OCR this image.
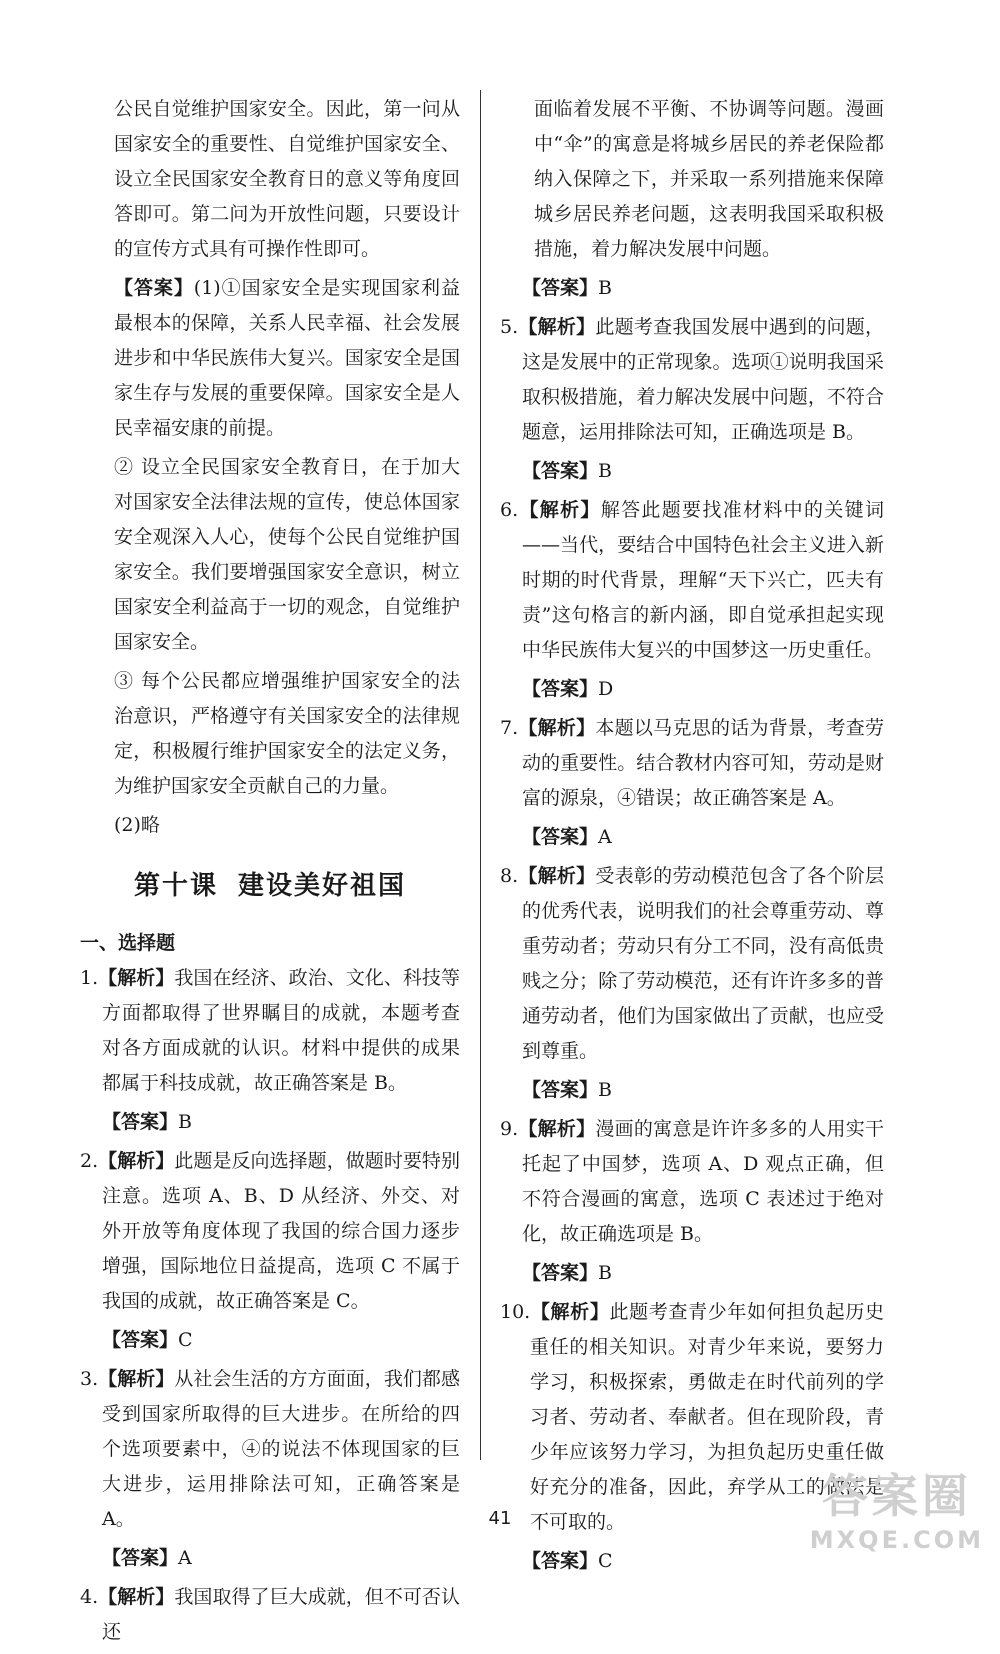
公民自觉维护国家安全。因此，第一问从国家安全的重要性、自觉维护国家安全、设立全民国家安全教育日的意义等角度回答即可。第二问为开放性问题，只要设计的宣传方式具有可操作性即可。

【答案】(1)①国家安全是实现国家利益最根本的保障，关系人民幸福、社会发展进步和中华民族伟大复兴。国家安全是国家生存与发展的重要保障。国家安全是人民幸福安康的前提。

② 设立全民国家安全教育日，在于加大对国家安全法律法规的宣传，使总体国家安全观深入人心，使每个公民自觉维护国家安全。我们要增强国家安全意识，树立国家安全利益高于一切的观念，自觉维护国家安全。

③ 每个公民都应增强维护国家安全的法治意识，严格遵守有关国家安全的法律规定，积极履行维护国家安全的法定义务，为维护国家安全贡献自己的力量。

(2)略

第十课 建设美好祖国
一、选择题

1.【解析】我国在经济、政治、文化、科技等方面都取得了世界瞩目的成就，本题考查对各方面成就的认识。材料中提供的成果都属于科技成就，故正确答案是 B。

【答案】B

2.【解析】此题是反向选择题，做题时要特别注意。选项 A、B、D 从经济、外交、对外开放等角度体现了我国的综合国力逐步增强，国际地位日益提高，选项 C 不属于我国的成就，故正确答案是 C。

【答案】C

3.【解析】从社会生活的方方面面，我们都感受到国家所取得的巨大进步。在所给的四个选项要素中，④的说法不体现国家的巨大进步，运用排除法可知，正确答案是 A。

【答案】A

4.【解析】我国取得了巨大成就，但不可否认还

面临着发展不平衡、不协调等问题。漫画中“伞”的寓意是将城乡居民的养老保险都纳入保障之下，并采取一系列措施来保障城乡居民养老问题，这表明我国采取积极措施，着力解决发展中问题。

【答案】B

5.【解析】此题考查我国发展中遇到的问题，这是发展中的正常现象。选项①说明我国采取积极措施，着力解决发展中问题，不符合题意，运用排除法可知，正确选项是 B。

【答案】B

6.【解析】解答此题要找准材料中的关键词——当代，要结合中国特色社会主义进入新时期的时代背景，理解“天下兴亡，匹夫有责”这句格言的新内涵，即自觉承担起实现中华民族伟大复兴的中国梦这一历史重任。

【答案】D

7.【解析】本题以马克思的话为背景，考查劳动的重要性。结合教材内容可知，劳动是财富的源泉，④错误；故正确答案是 A。

【答案】A

8.【解析】受表彰的劳动模范包含了各个阶层的优秀代表，说明我们的社会尊重劳动、尊重劳动者；劳动只有分工不同，没有高低贵贱之分；除了劳动模范，还有许许多多的普通劳动者，他们为国家做出了贡献，也应受到尊重。

【答案】B

9.【解析】漫画的寓意是许许多多的人用实干托起了中国梦，选项 A、D 观点正确，但不符合漫画的寓意，选项 C 表述过于绝对化，故正确选项是 B。

【答案】B

10.【解析】此题考查青少年如何担负起历史重任的相关知识。对青少年来说，要努力学习，积极探索，勇做走在时代前列的学习者、劳动者、奉献者。但在现阶段，青少年应该努力学习，为担负起历史重任做好充分的准备，因此，弃学从工的做法是不可取的。

【答案】C

41	答案圈
MXQE.COM
